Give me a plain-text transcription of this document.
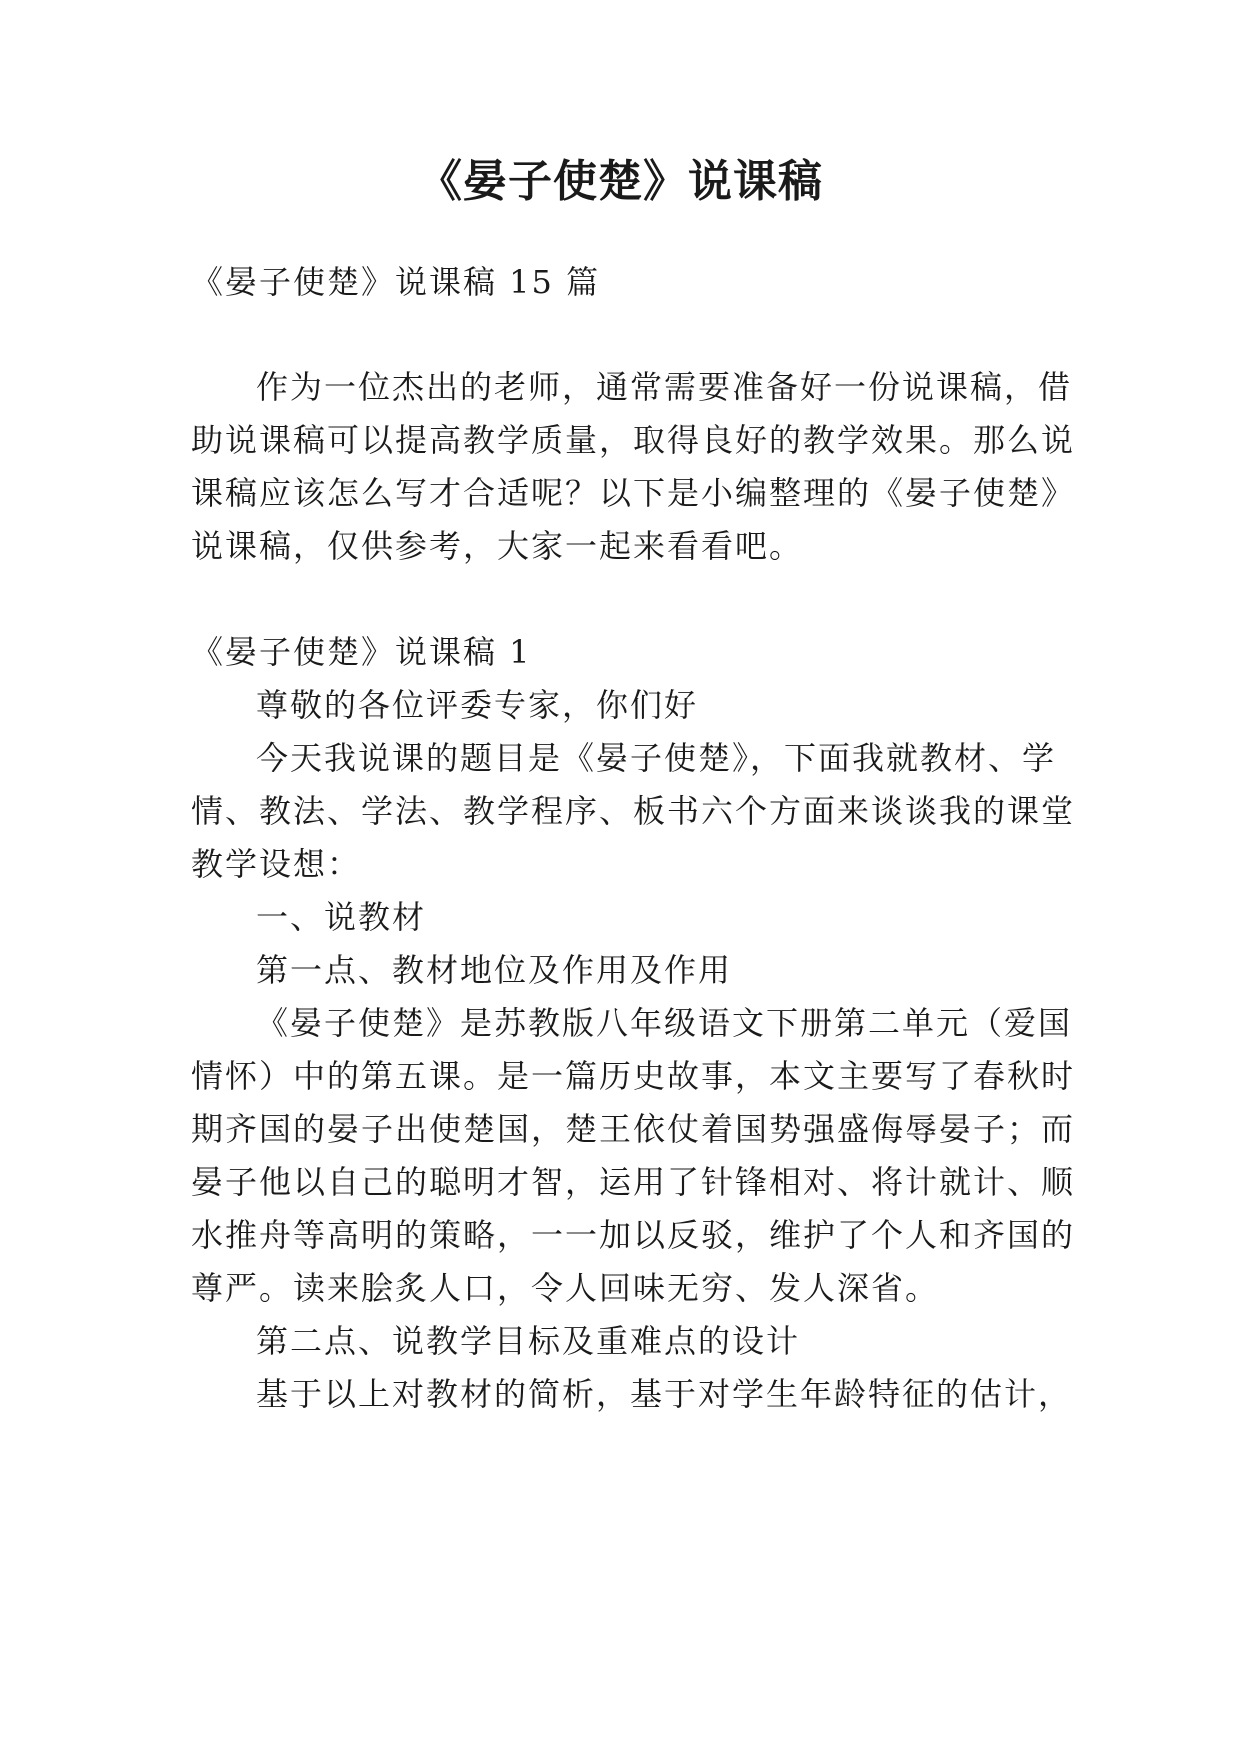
《晏子使楚》说课稿
《晏子使楚》说课稿 15 篇
作为一位杰出的老师，通常需要准备好一份说课稿，借
助说课稿可以提高教学质量，取得良好的教学效果。那么说
课稿应该怎么写才合适呢？以下是小编整理的《晏子使楚》
说课稿，仅供参考，大家一起来看看吧。
《晏子使楚》说课稿 1
尊敬的各位评委专家，你们好
今天我说课的题目是《晏子使楚》，下面我就教材、学
情、教法、学法、教学程序、板书六个方面来谈谈我的课堂
教学设想：
一、说教材
第一点、教材地位及作用及作用
《晏子使楚》是苏教版八年级语文下册第二单元（爱国
情怀）中的第五课。是一篇历史故事，本文主要写了春秋时
期齐国的晏子出使楚国，楚王依仗着国势强盛侮辱晏子；而
晏子他以自己的聪明才智，运用了针锋相对、将计就计、顺
水推舟等高明的策略，一一加以反驳，维护了个人和齐国的
尊严。读来脍炙人口，令人回味无穷、发人深省。
第二点、说教学目标及重难点的设计
基于以上对教材的简析，基于对学生年龄特征的估计，
